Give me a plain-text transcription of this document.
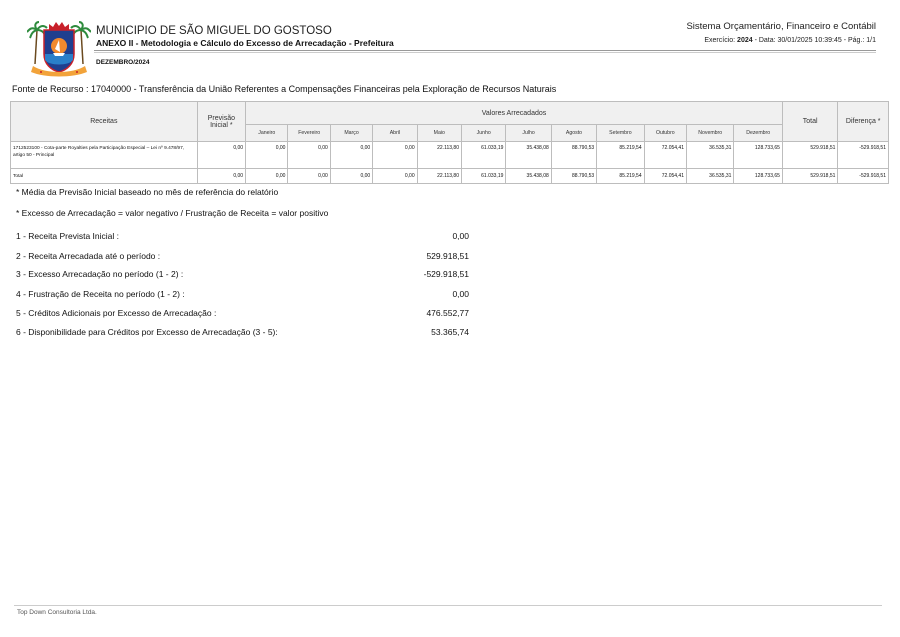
MUNICIPIO DE SÃO MIGUEL DO GOSTOSO
ANEXO II - Metodologia e Cálculo do Excesso de Arrecadação - Prefeitura
DEZEMBRO/2024
Sistema Orçamentário, Financeiro e Contábil
Exercício: 2024 - Data: 30/01/2025 10:39:45 - Pág.: 1/1
Fonte de Recurso : 17040000 - Transferência da União Referentes a Compensações Financeiras pela Exploração de Recursos Naturais
Receitas	Previsão Inicial *	Valores Arrecadados												Total	Diferença *
		Janeiro	Fevereiro	Março	Abril	Maio	Junho	Julho	Agosto	Setembro	Outubro	Novembro	Dezembro		
1712523100 - Cota-parte Royalties pela Participação Especial – Lei nº 9.478/97, artigo 50 - Principal	0,00	0,00	0,00	0,00	0,00	22.113,80	61.033,19	35.438,08	88.790,53	85.219,54	72.054,41	36.535,31	128.733,65	529.918,51	-529.918,51
Total	0,00	0,00	0,00	0,00	0,00	22.113,80	61.033,19	35.438,08	88.790,53	85.219,54	72.054,41	36.535,31	128.733,65	529.918,51	-529.918,51
* Média da Previsão Inicial baseado no mês de referência do relatório
* Excesso de Arrecadação = valor negativo / Frustração de Receita = valor positivo
1 - Receita Prevista Inicial :	0,00
2 - Receita Arrecadada até o período :	529.918,51
3 - Excesso Arrecadação no período (1 - 2) :	-529.918,51
4 - Frustração de Receita no período (1 - 2) :	0,00
5 - Créditos Adicionais por Excesso de Arrecadação :	476.552,77
6 - Disponibilidade para Créditos por Excesso de Arrecadação (3 - 5):	53.365,74
Top Down Consultoria Ltda.
